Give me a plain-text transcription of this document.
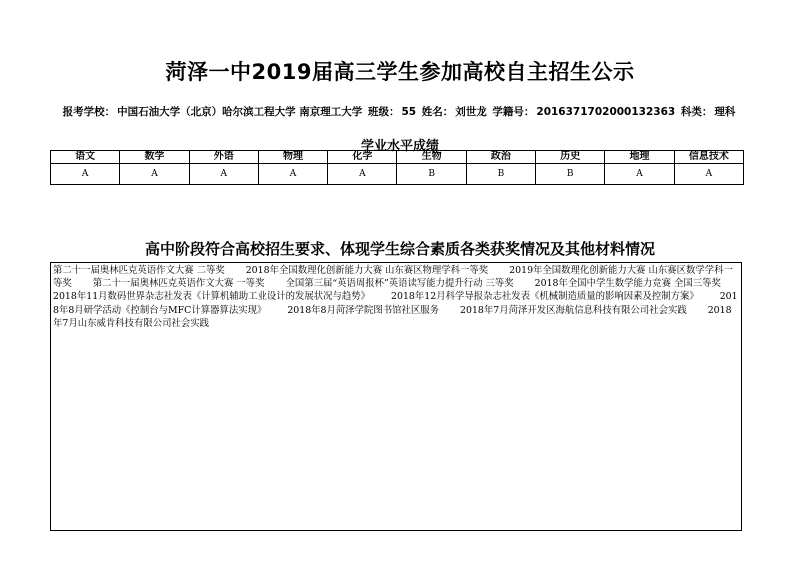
菏泽一中2019届高三学生参加高校自主招生公示
报考学校： 中国石油大学（北京）哈尔滨工程大学 南京理工大学 班级： 55 姓名： 刘世龙 学籍号： 2016371702000132363 科类： 理科
学业水平成绩
语文	数学	外语	物理	化学	生物	政治	历史	地理	信息技术
A	A	A	A	A	B	B	B	A	A
高中阶段符合高校招生要求、体现学生综合素质各类获奖情况及其他材料情况
第二十一届奥林匹克英语作文大赛 二等奖 2018年全国数理化创新能力大赛 山东赛区物理学科一等奖 2019年全国数理化创新能力大赛 山东赛区数学学科一等奖 第二十一届奥林匹克英语作文大赛 一等奖 全国第三届“英语周报杯”英语读写能力提升行动 三等奖 2018年全国中学生数学能力竞赛 全国三等奖 2018年11月数码世界杂志社发表《计算机辅助工业设计的发展状况与趋势》 2018年12月科学导报杂志社发表《机械制造质量的影响因素及控制方案》 2018年8月研学活动《控制台与MFC计算器算法实现》 2018年8月菏泽学院图书馆社区服务 2018年7月菏泽开发区海航信息科技有限公司社会实践 2018年7月山东威肯科技有限公司社会实践
